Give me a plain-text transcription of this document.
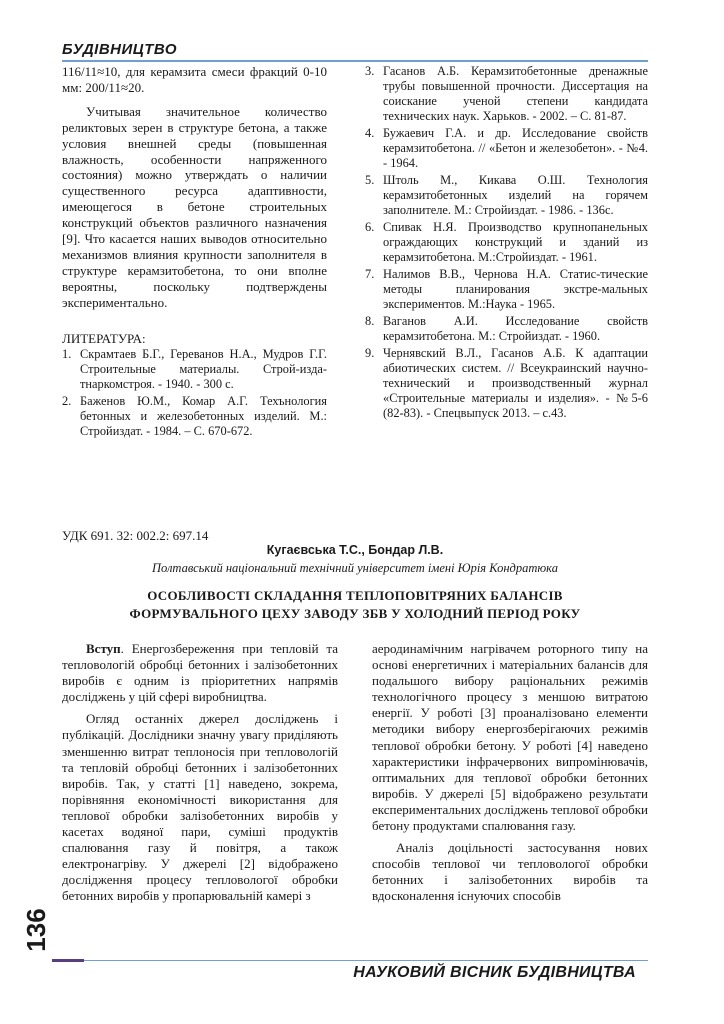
БУДІВНИЦТВО

116/11≈10, для керамзита смеси фракций 0-10 мм: 200/11≈20.

Учитывая значительное количество реликтовых зерен в структуре бетона, а также условия внешней среды (повышенная влажность, особенности напряженного состояния) можно утверждать о наличии существенного ресурса адаптивности, имеющегося в бетоне строительных конструкций объектов различного назначения [9]. Что касается наших выводов относительно механизмов влияния крупности заполнителя в структуре керамзитобетона, то они вполне вероятны, поскольку подтверждены экспериментально.

ЛИТЕРАТУРА:

1. Скрамтаев Б.Г., Гереванов Н.А., Мудров Г.Г. Строительные материалы. Строй-изда-тнаркомстроя. - 1940. - 300 с.
2. Баженов Ю.М., Комар А.Г. Техънология бетонных и железобетонных изделий. М.: Стройиздат. - 1984. – С. 670-672.
3. Гасанов А.Б. Керамзитобетонные дренажные трубы повышенной прочности. Диссертация на соискание ученой степени кандидата технических наук. Харьков. - 2002. – С. 81-87.
4. Бужаевич Г.А. и др. Исследование свойств керамзитобетона. // «Бетон и железобетон». - №4. - 1964.
5. Штоль М., Кикава О.Ш. Технология керамзитобетонных изделий на горячем заполнителе. М.: Стройиздат. - 1986. - 136с.
6. Спивак Н.Я. Производство крупнопанельных ограждающих конструкций и зданий из керамзитобетона. М.:Стройиздат. - 1961.
7. Налимов В.В., Чернова Н.А. Статис-тические методы планирования экстре-мальных экспериментов. М.:Наука - 1965.
8. Ваганов А.И. Исследование свойств керамзитобетона. М.: Стройиздат. - 1960.
9. Чернявский В.Л., Гасанов А.Б. К адаптации абиотических систем. // Всеукраинский научно-технический и производственный журнал «Строительные материалы и изделия». - №5-6 (82-83). - Спецвыпуск 2013. – с.43.
УДК 691. 32: 002.2: 697.14
Кугаєвська Т.С., Бондар Л.В.
Полтавський національний технічний університет імені Юрія Кондратюка
ОСОБЛИВОСТІ СКЛАДАННЯ ТЕПЛОПОВІТРЯНИХ БАЛАНСІВ
ФОРМУВАЛЬНОГО ЦЕХУ ЗАВОДУ ЗБВ У ХОЛОДНИЙ ПЕРІОД РОКУ

Вступ. Енергозбереження при тепловій та тепловологій обробці бетонних і залізобетонних виробів є одним із пріоритетних напрямів досліджень у цій сфері виробництва.

Огляд останніх джерел досліджень і публікацій. Дослідники значну увагу приділяють зменшенню витрат теплоносія при тепловологій та тепловій обробці бетонних і залізобетонних виробів. Так, у статті [1] наведено, зокрема, порівняння економічності використання для теплової обробки залізобетонних виробів у касетах водяної пари, суміші продуктів спалювання газу й повітря, а також електронагріву. У джерелі [2] відображено дослідження процесу тепловологої обробки бетонних виробів у пропарювальній камері з

аеродинамічним нагрівачем роторного типу на основі енергетичних і матеріальних балансів для подальшого вибору раціональних режимів технологічного процесу з меншою витратою енергії. У роботі [3] проаналізовано елементи методики вибору енергозберігаючих режимів теплової обробки бетону. У роботі [4] наведено характеристики інфрачервоних випромінювачів, оптимальних для теплової обробки бетонних виробів. У джерелі [5] відображено результати експериментальних досліджень теплової обробки бетону продуктами спалювання газу.

Аналіз доцільності застосування нових способів теплової чи тепловологої обробки бетонних і залізобетонних виробів та вдосконалення існуючих способів

136
НАУКОВИЙ ВІСНИК БУДІВНИЦТВА
